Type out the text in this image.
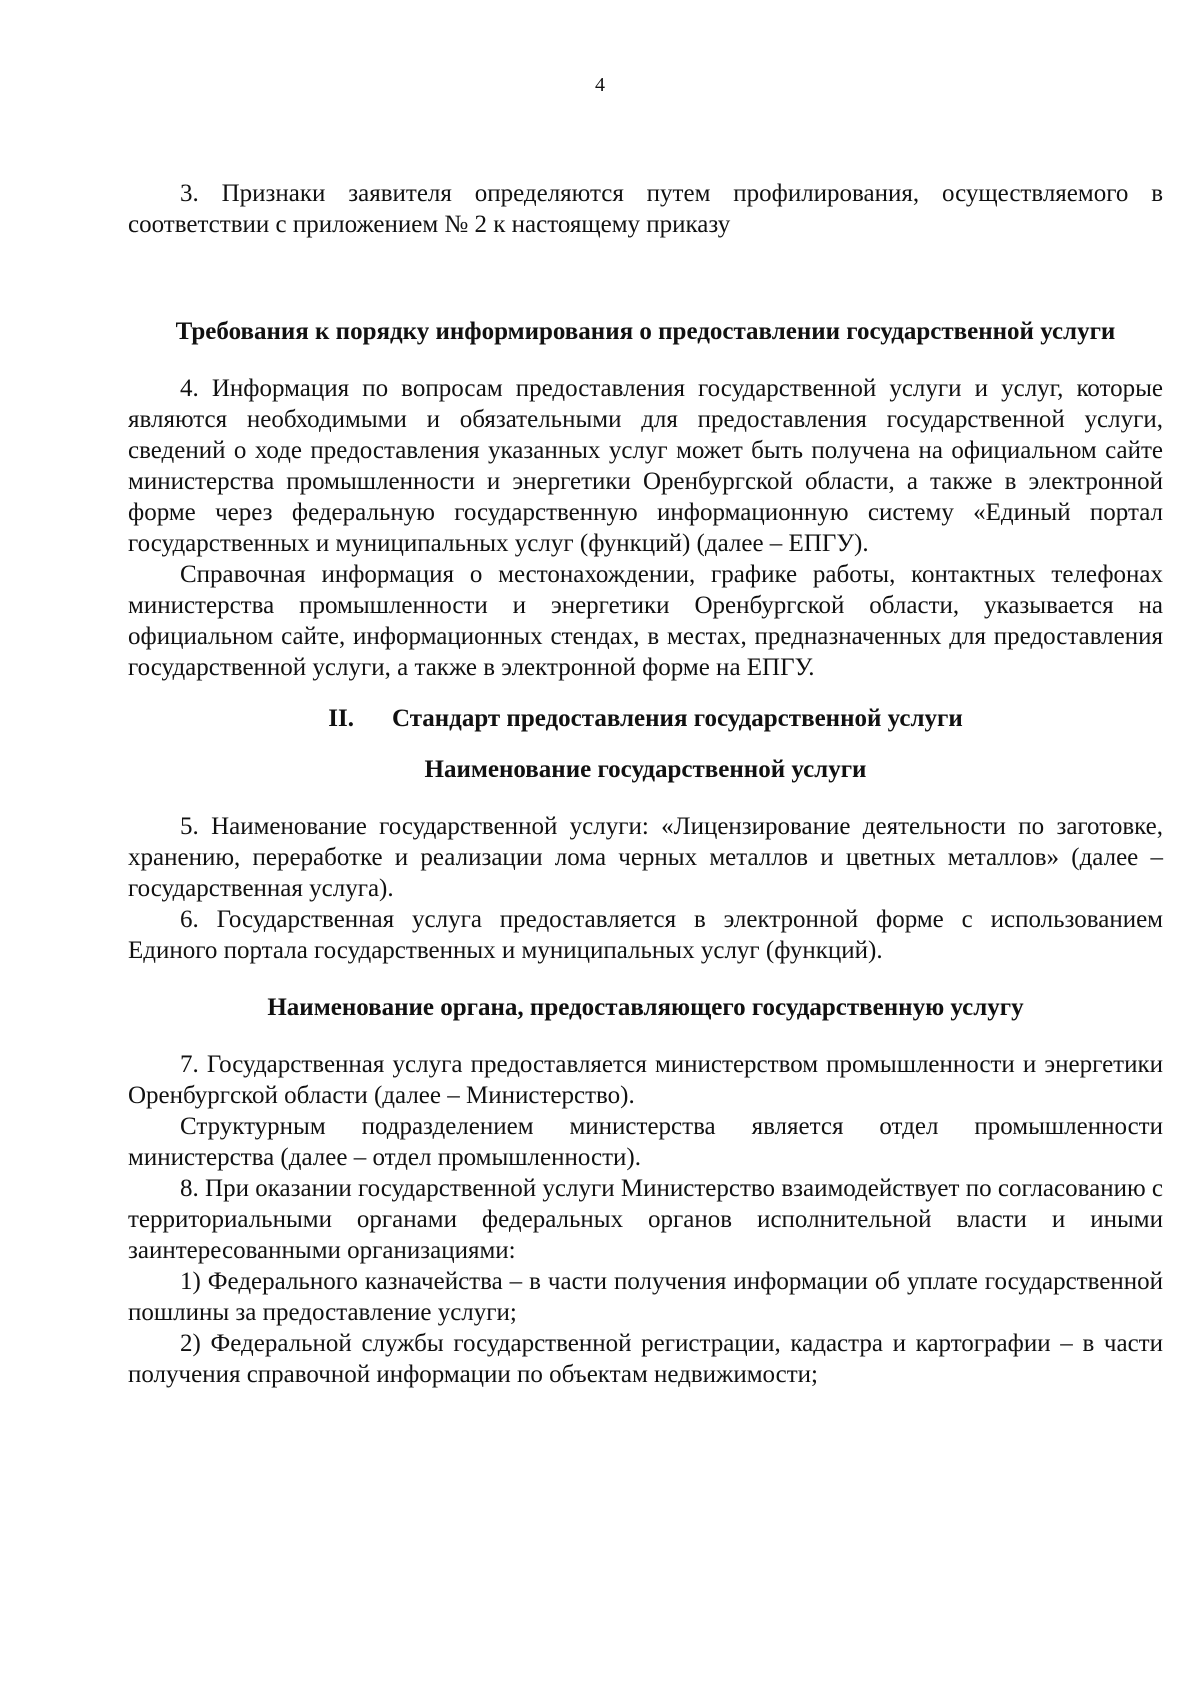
4

3. Признаки заявителя определяются путем профилирования, осуществляемого в соответствии с приложением № 2 к настоящему приказу

Требования к порядку информирования о предоставлении государственной услуги

4. Информация по вопросам предоставления государственной услуги и услуг, которые являются необходимыми и обязательными для предоставления государственной услуги, сведений о ходе предоставления указанных услуг может быть получена на официальном сайте министерства промышленности и энергетики Оренбургской области, а также в электронной форме через федеральную государственную информационную систему «Единый портал государственных и муниципальных услуг (функций) (далее – ЕПГУ).

Справочная информация о местонахождении, графике работы, контактных телефонах министерства промышленности и энергетики Оренбургской области, указывается на официальном сайте, информационных стендах, в местах, предназначенных для предоставления государственной услуги, а также в электронной форме на ЕПГУ.

II. Стандарт предоставления государственной услуги
Наименование государственной услуги

5. Наименование государственной услуги: «Лицензирование деятельности по заготовке, хранению, переработке и реализации лома черных металлов и цветных металлов» (далее – государственная услуга).

6. Государственная услуга предоставляется в электронной форме с использованием Единого портала государственных и муниципальных услуг (функций).

Наименование органа, предоставляющего государственную услугу

7. Государственная услуга предоставляется министерством промышленности и энергетики Оренбургской области (далее – Министерство).

Структурным подразделением министерства является отдел промышленности министерства (далее – отдел промышленности).

8. При оказании государственной услуги Министерство взаимодействует по согласованию с территориальными органами федеральных органов исполнительной власти и иными заинтересованными организациями:

1) Федерального казначейства – в части получения информации об уплате государственной пошлины за предоставление услуги;

2) Федеральной службы государственной регистрации, кадастра и картографии – в части получения справочной информации по объектам недвижимости;
